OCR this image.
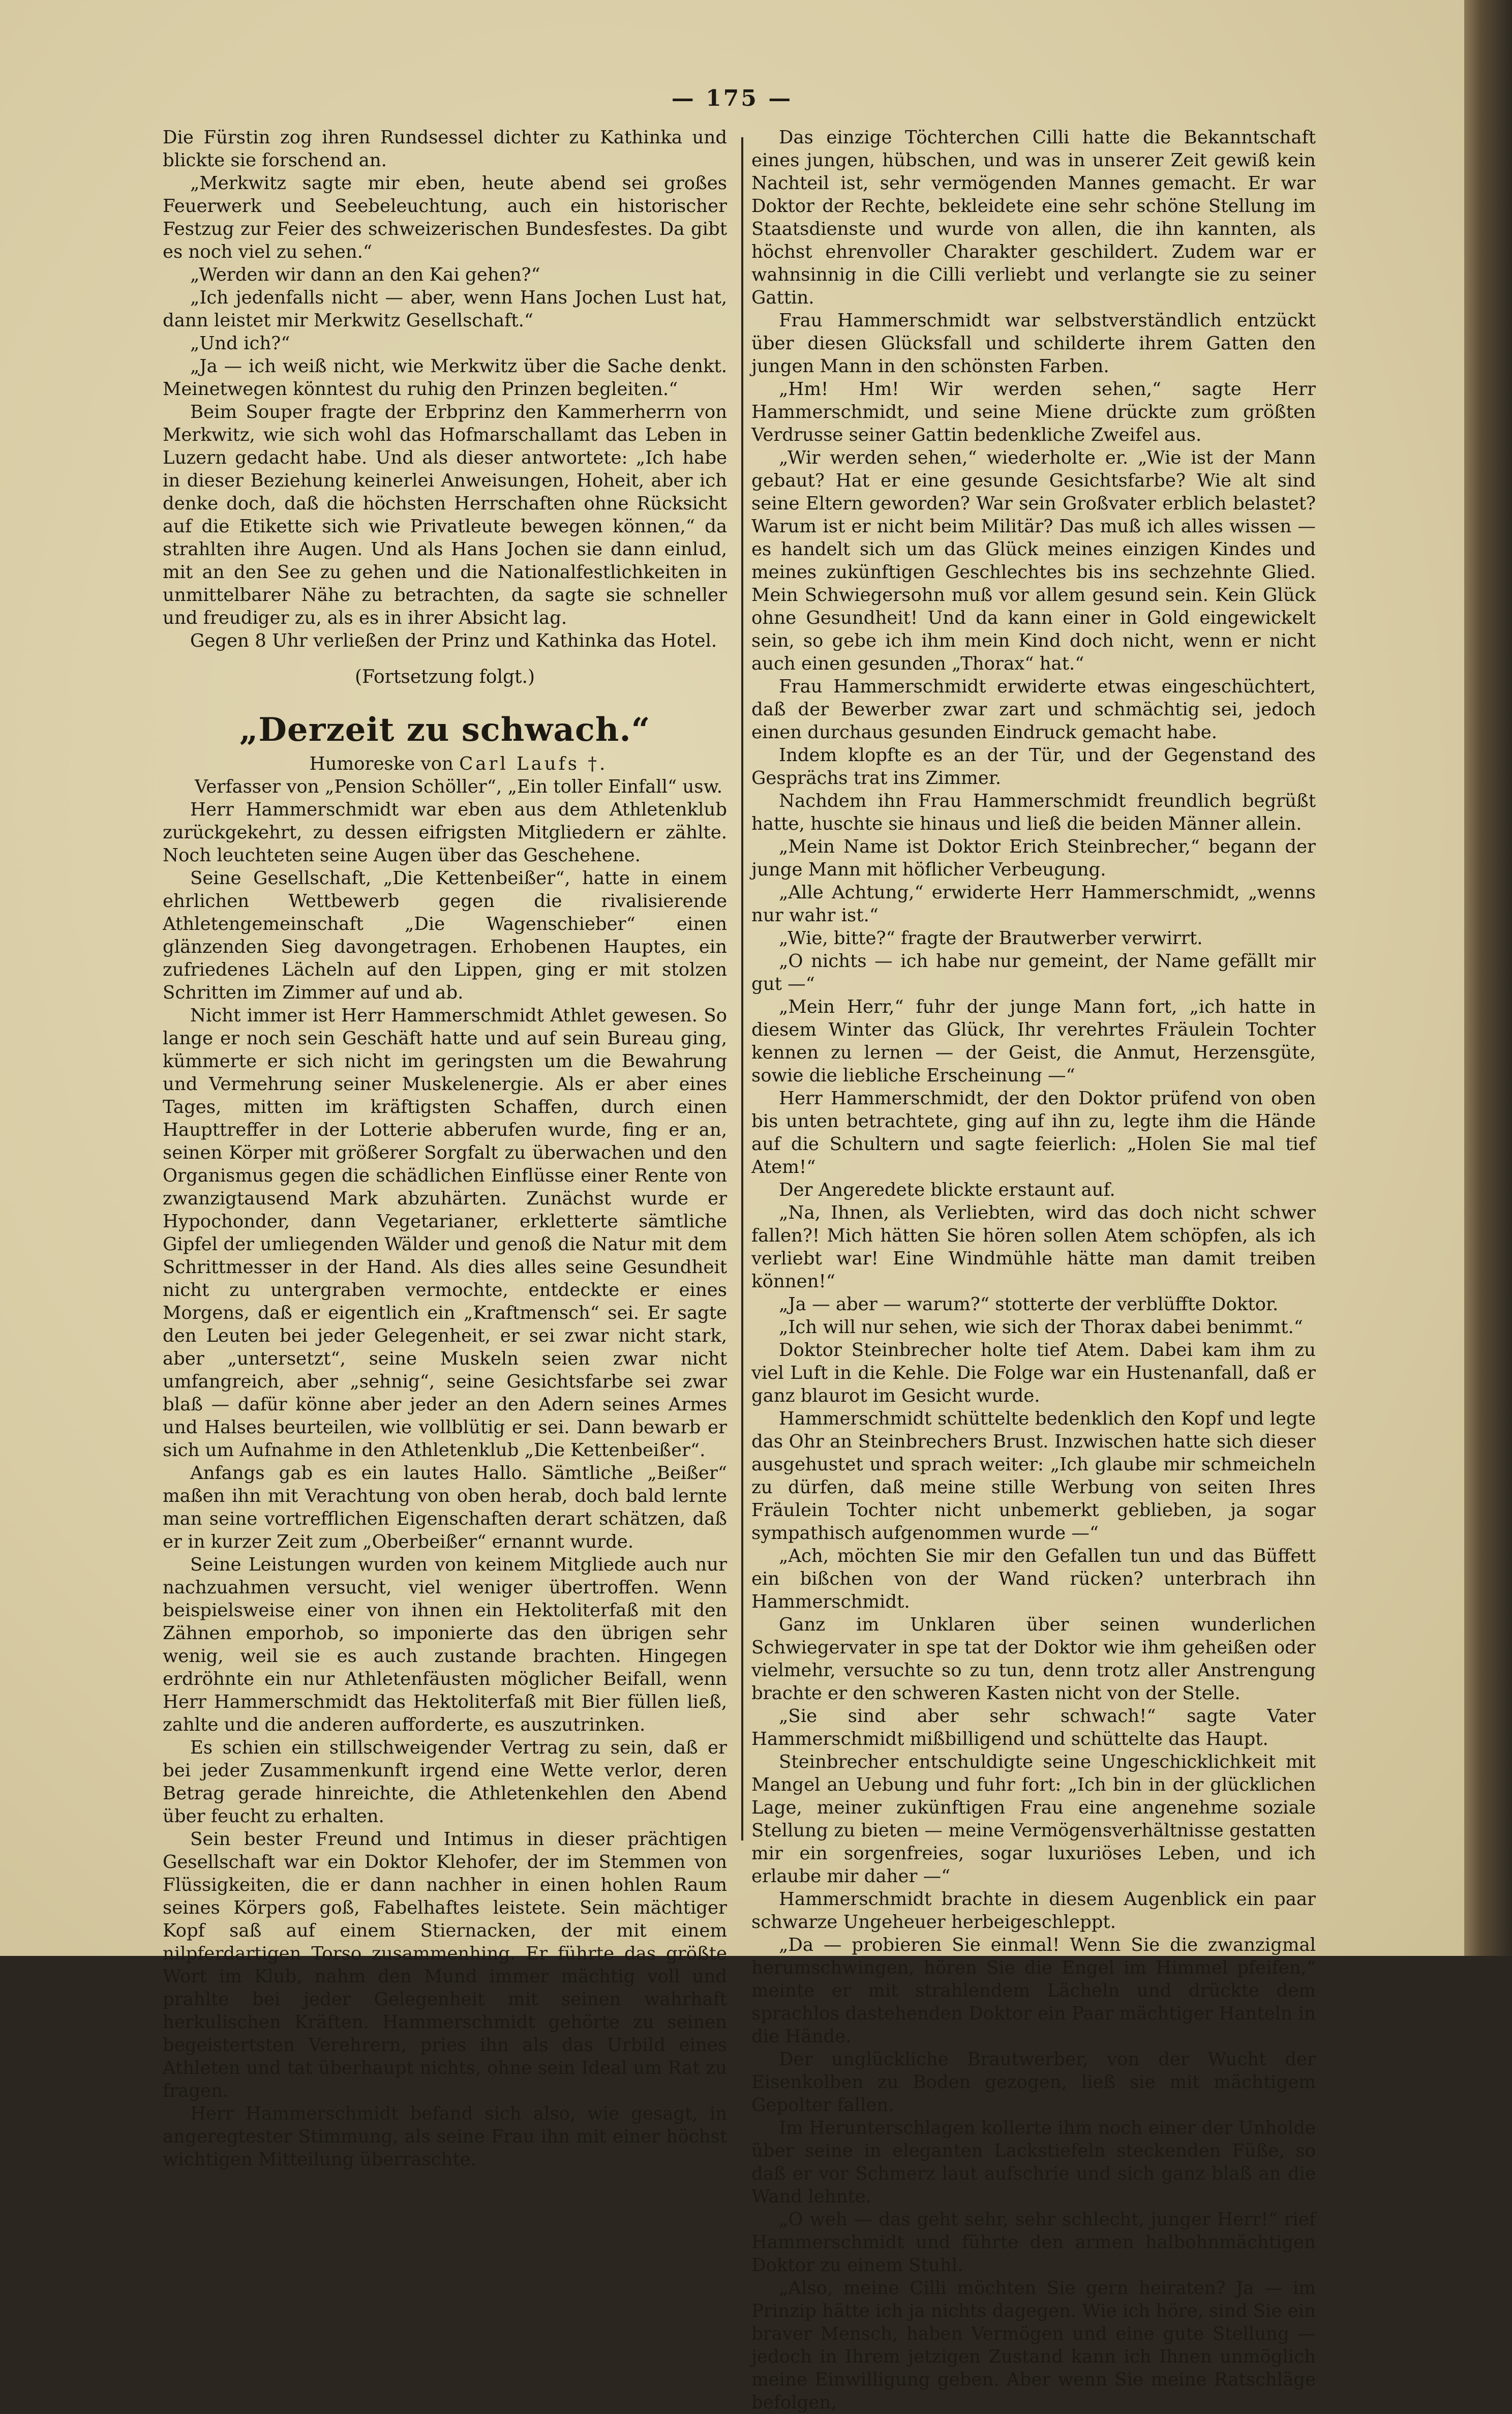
— 175 —

Die Fürstin zog ihren Rundsessel dichter zu Kathinka und blickte sie forschend an.

„Merkwitz sagte mir eben, heute abend sei großes Feuerwerk und Seebeleuchtung, auch ein historischer Festzug zur Feier des schweizerischen Bundesfestes. Da gibt es noch viel zu sehen.“

„Werden wir dann an den Kai gehen?“

„Ich jedenfalls nicht — aber, wenn Hans Jochen Lust hat, dann leistet mir Merkwitz Gesellschaft.“

„Und ich?“

„Ja — ich weiß nicht, wie Merkwitz über die Sache denkt. Meinetwegen könntest du ruhig den Prinzen begleiten.“

Beim Souper fragte der Erbprinz den Kammerherrn von Merkwitz, wie sich wohl das Hofmarschallamt das Leben in Luzern gedacht habe. Und als dieser antwortete: „Ich habe in dieser Beziehung keinerlei Anweisungen, Hoheit, aber ich denke doch, daß die höchsten Herrschaften ohne Rücksicht auf die Etikette sich wie Privatleute bewegen können,“ da strahlten ihre Augen. Und als Hans Jochen sie dann einlud, mit an den See zu gehen und die Nationalfestlichkeiten in unmittelbarer Nähe zu betrachten, da sagte sie schneller und freudiger zu, als es in ihrer Absicht lag.

Gegen 8 Uhr verließen der Prinz und Kathinka das Hotel.

(Fortsetzung folgt.)
„Derzeit zu schwach.“

Humoreske von Carl Laufs †.

Verfasser von „Pension Schöller“, „Ein toller Einfall“ usw.

Herr Hammerschmidt war eben aus dem Athletenklub zurückgekehrt, zu dessen eifrigsten Mitgliedern er zählte. Noch leuchteten seine Augen über das Geschehene.

Seine Gesellschaft, „Die Kettenbeißer“, hatte in einem ehrlichen Wettbewerb gegen die rivalisierende Athletengemeinschaft „Die Wagenschieber“ einen glänzenden Sieg davongetragen. Erhobenen Hauptes, ein zufriedenes Lächeln auf den Lippen, ging er mit stolzen Schritten im Zimmer auf und ab.

Nicht immer ist Herr Hammerschmidt Athlet gewesen. So lange er noch sein Geschäft hatte und auf sein Bureau ging, kümmerte er sich nicht im geringsten um die Bewahrung und Vermehrung seiner Muskelenergie. Als er aber eines Tages, mitten im kräftigsten Schaffen, durch einen Haupttreffer in der Lotterie abberufen wurde, fing er an, seinen Körper mit größerer Sorgfalt zu überwachen und den Organismus gegen die schädlichen Einflüsse einer Rente von zwanzigtausend Mark abzuhärten. Zunächst wurde er Hypochonder, dann Vegetarianer, erkletterte sämtliche Gipfel der umliegenden Wälder und genoß die Natur mit dem Schrittmesser in der Hand. Als dies alles seine Gesundheit nicht zu untergraben vermochte, entdeckte er eines Morgens, daß er eigentlich ein „Kraftmensch“ sei. Er sagte den Leuten bei jeder Gelegenheit, er sei zwar nicht stark, aber „untersetzt“, seine Muskeln seien zwar nicht umfangreich, aber „sehnig“, seine Gesichtsfarbe sei zwar blaß — dafür könne aber jeder an den Adern seines Armes und Halses beurteilen, wie vollblütig er sei. Dann bewarb er sich um Aufnahme in den Athletenklub „Die Kettenbeißer“.

Anfangs gab es ein lautes Hallo. Sämtliche „Beißer“ maßen ihn mit Verachtung von oben herab, doch bald lernte man seine vortrefflichen Eigenschaften derart schätzen, daß er in kurzer Zeit zum „Oberbeißer“ ernannt wurde.

Seine Leistungen wurden von keinem Mitgliede auch nur nachzuahmen versucht, viel weniger übertroffen. Wenn beispielsweise einer von ihnen ein Hektoliterfaß mit den Zähnen emporhob, so imponierte das den übrigen sehr wenig, weil sie es auch zustande brachten. Hingegen erdröhnte ein nur Athletenfäusten möglicher Beifall, wenn Herr Hammerschmidt das Hektoliterfaß mit Bier füllen ließ, zahlte und die anderen aufforderte, es auszutrinken.

Es schien ein stillschweigender Vertrag zu sein, daß er bei jeder Zusammenkunft irgend eine Wette verlor, deren Betrag gerade hinreichte, die Athletenkehlen den Abend über feucht zu erhalten.

Sein bester Freund und Intimus in dieser prächtigen Gesellschaft war ein Doktor Klehofer, der im Stemmen von Flüssigkeiten, die er dann nachher in einen hohlen Raum seines Körpers goß, Fabelhaftes leistete. Sein mächtiger Kopf saß auf einem Stiernacken, der mit einem nilpferdartigen Torso zusammenhing. Er führte das größte Wort im Klub, nahm den Mund immer mächtig voll und prahlte bei jeder Gelegenheit mit seinen wahrhaft herkulischen Kräften. Hammerschmidt gehörte zu seinen begeistertsten Verehrern, pries ihn als das Urbild eines Athleten und tat überhaupt nichts, ohne sein Ideal um Rat zu fragen.

Herr Hammerschmidt befand sich also, wie gesagt, in angeregtester Stimmung, als seine Frau ihn mit einer höchst wichtigen Mitteilung überraschte.

Das einzige Töchterchen Cilli hatte die Bekanntschaft eines jungen, hübschen, und was in unserer Zeit gewiß kein Nachteil ist, sehr vermögenden Mannes gemacht. Er war Doktor der Rechte, bekleidete eine sehr schöne Stellung im Staatsdienste und wurde von allen, die ihn kannten, als höchst ehrenvoller Charakter geschildert. Zudem war er wahnsinnig in die Cilli verliebt und verlangte sie zu seiner Gattin.

Frau Hammerschmidt war selbstverständlich entzückt über diesen Glücksfall und schilderte ihrem Gatten den jungen Mann in den schönsten Farben.

„Hm! Hm! Wir werden sehen,“ sagte Herr Hammerschmidt, und seine Miene drückte zum größten Verdrusse seiner Gattin bedenkliche Zweifel aus.

„Wir werden sehen,“ wiederholte er. „Wie ist der Mann gebaut? Hat er eine gesunde Gesichtsfarbe? Wie alt sind seine Eltern geworden? War sein Großvater erblich belastet? Warum ist er nicht beim Militär? Das muß ich alles wissen — es handelt sich um das Glück meines einzigen Kindes und meines zukünftigen Geschlechtes bis ins sechzehnte Glied. Mein Schwiegersohn muß vor allem gesund sein. Kein Glück ohne Gesundheit! Und da kann einer in Gold eingewickelt sein, so gebe ich ihm mein Kind doch nicht, wenn er nicht auch einen gesunden „Thorax“ hat.“

Frau Hammerschmidt erwiderte etwas eingeschüchtert, daß der Bewerber zwar zart und schmächtig sei, jedoch einen durchaus gesunden Eindruck gemacht habe.

Indem klopfte es an der Tür, und der Gegenstand des Gesprächs trat ins Zimmer.

Nachdem ihn Frau Hammerschmidt freundlich begrüßt hatte, huschte sie hinaus und ließ die beiden Männer allein.

„Mein Name ist Doktor Erich Steinbrecher,“ begann der junge Mann mit höflicher Verbeugung.

„Alle Achtung,“ erwiderte Herr Hammerschmidt, „wenns nur wahr ist.“

„Wie, bitte?“ fragte der Brautwerber verwirrt.

„O nichts — ich habe nur gemeint, der Name gefällt mir gut —“

„Mein Herr,“ fuhr der junge Mann fort, „ich hatte in diesem Winter das Glück, Ihr verehrtes Fräulein Tochter kennen zu lernen — der Geist, die Anmut, Herzensgüte, sowie die liebliche Erscheinung —“

Herr Hammerschmidt, der den Doktor prüfend von oben bis unten betrachtete, ging auf ihn zu, legte ihm die Hände auf die Schultern und sagte feierlich: „Holen Sie mal tief Atem!“

Der Angeredete blickte erstaunt auf.

„Na, Ihnen, als Verliebten, wird das doch nicht schwer fallen?! Mich hätten Sie hören sollen Atem schöpfen, als ich verliebt war! Eine Windmühle hätte man damit treiben können!“

„Ja — aber — warum?“ stotterte der verblüffte Doktor.

„Ich will nur sehen, wie sich der Thorax dabei benimmt.“

Doktor Steinbrecher holte tief Atem. Dabei kam ihm zu viel Luft in die Kehle. Die Folge war ein Hustenanfall, daß er ganz blaurot im Gesicht wurde.

Hammerschmidt schüttelte bedenklich den Kopf und legte das Ohr an Steinbrechers Brust. Inzwischen hatte sich dieser ausgehustet und sprach weiter: „Ich glaube mir schmeicheln zu dürfen, daß meine stille Werbung von seiten Ihres Fräulein Tochter nicht unbemerkt geblieben, ja sogar sympathisch aufgenommen wurde —“

„Ach, möchten Sie mir den Gefallen tun und das Büffett ein bißchen von der Wand rücken? unterbrach ihn Hammerschmidt.

Ganz im Unklaren über seinen wunderlichen Schwiegervater in spe tat der Doktor wie ihm geheißen oder vielmehr, versuchte so zu tun, denn trotz aller Anstrengung brachte er den schweren Kasten nicht von der Stelle.

„Sie sind aber sehr schwach!“ sagte Vater Hammerschmidt mißbilligend und schüttelte das Haupt.

Steinbrecher entschuldigte seine Ungeschicklichkeit mit Mangel an Uebung und fuhr fort: „Ich bin in der glücklichen Lage, meiner zukünftigen Frau eine angenehme soziale Stellung zu bieten — meine Vermögensverhältnisse gestatten mir ein sorgenfreies, sogar luxuriöses Leben, und ich erlaube mir daher —“

Hammerschmidt brachte in diesem Augenblick ein paar schwarze Ungeheuer herbeigeschleppt.

„Da — probieren Sie einmal! Wenn Sie die zwanzigmal herumschwingen, hören Sie die Engel im Himmel pfeifen,“ meinte er mit strahlendem Lächeln und drückte dem sprachlos dastehenden Doktor ein Paar mächtiger Hanteln in die Hände.

Der unglückliche Brautwerber, von der Wucht der Eisenkolben zu Boden gezogen, ließ sie mit mächtigem Gepolter fallen.

Im Herunterschlagen kollerte ihm noch einer der Unholde über seine in eleganten Lackstiefeln steckenden Füße, so daß er vor Schmerz laut aufschrie und sich ganz blaß an die Wand lehnte.

„O weh — das geht sehr, sehr schlecht, junger Herr!“ rief Hammerschmidt und führte den armen halbohnmächtigen Doktor zu einem Stuhl.

„Also, meine Cilli möchten Sie gern heiraten? Ja — im Prinzip hätte ich ja nichts dagegen. Wie ich höre, sind Sie ein braver Mensch, haben Vermögen und eine gute Stellung — jedoch in Ihrem jetzigen Zustand kann ich Ihnen unmöglich meine Einwilligung geben. Aber wenn Sie meine Ratschläge befolgen,
